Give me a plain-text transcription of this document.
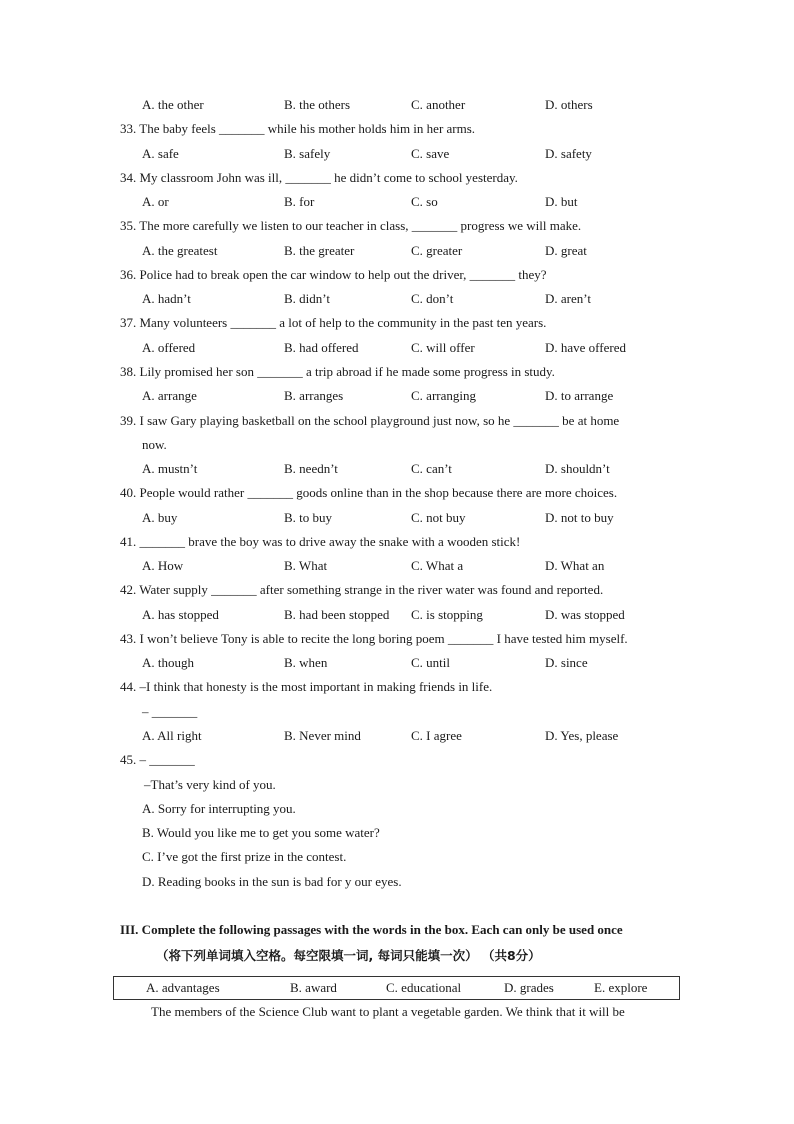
A. the other	B. the others	C. another	D. others
33. The baby feels _______ while his mother holds him in her arms.
A. safe	B. safely	C. save	D. safety
34. My classroom John was ill, _______ he didn’t come to school yesterday.
A. or	B. for	C. so	D. but
35. The more carefully we listen to our teacher in class, _______ progress we will make.
A. the greatest	B. the greater	C. greater	D. great
36. Police had to break open the car window to help out the driver, _______ they?
A. hadn’t	B. didn’t	C. don’t	D. aren’t
37. Many volunteers _______ a lot of help to the community in the past ten years.
A. offered	B. had offered	C. will offer	D. have offered
38. Lily promised her son _______ a trip abroad if he made some progress in study.
A. arrange	B. arranges	C. arranging	D. to arrange
39. I saw Gary playing basketball on the school playground just now, so he _______ be at home
now.
A. mustn’t	B. needn’t	C. can’t	D. shouldn’t
40. People would rather _______ goods online than in the shop because there are more choices.
A. buy	B. to buy	C. not buy	D. not to buy
41. _______ brave the boy was to drive away the snake with a wooden stick!
A. How	B. What	C. What a	D. What an
42. Water supply _______ after something strange in the river water was found and reported.
A. has stopped	B. had been stopped C. is stopping	D. was stopped
43. I won’t believe Tony is able to recite the long boring poem _______ I have tested him myself.
A. though	B. when	C. until	D. since
44. –I think that honesty is the most important in making friends in life.
– _______
A. All right	B. Never mind	C. I agree	D. Yes, please
45. – _______
–That’s very kind of you.
A. Sorry for interrupting you.
B. Would you like me to get you some water?
C. I’ve got the first prize in the contest.
D. Reading books in the sun is bad for y our eyes.
III. Complete the following passages with the words in the box. Each can only be used once
（将下列单词填入空格。每空限填一词, 每词只能填一次） （共8分）
A. advantages	B. award	C. educational	D. grades	E. explore
The members of the Science Club want to plant a vegetable garden. We think that it will be
